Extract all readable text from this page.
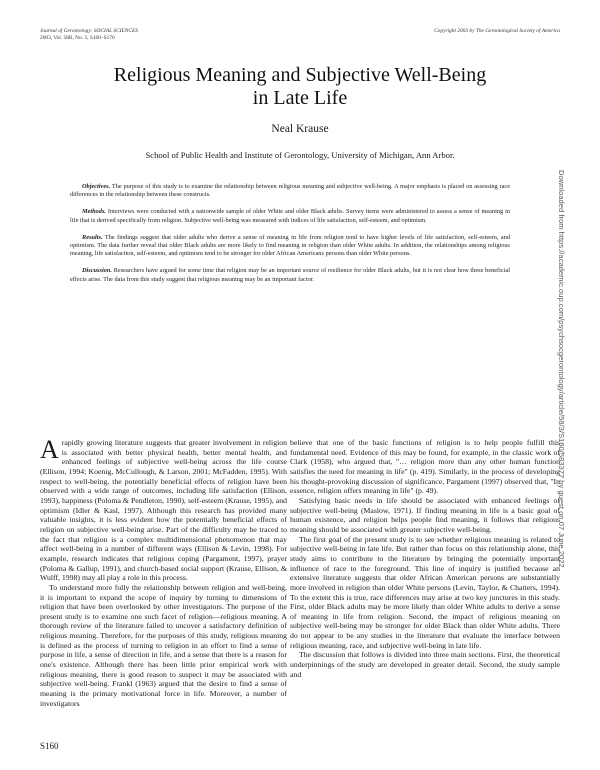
Journal of Gerontology: SOCIAL SCIENCES
2003, Vol. 58B, No. 3, S160–S170
Copyright 2003 by The Gerontological Society of America
Religious Meaning and Subjective Well-Being
in Late Life
Neal Krause
School of Public Health and Institute of Gerontology, University of Michigan, Ann Arbor.

Objectives. The purpose of this study is to examine the relationship between religious meaning and subjective well-being. A major emphasis is placed on assessing race differences in the relationship between these constructs.

Methods. Interviews were conducted with a nationwide sample of older White and older Black adults. Survey items were administered to assess a sense of meaning in life that is derived specifically from religion. Subjective well-being was measured with indices of life satisfaction, self-esteem, and optimism.

Results. The findings suggest that older adults who derive a sense of meaning in life from religion tend to have higher levels of life satisfaction, self-esteem, and optimism. The data further reveal that older Black adults are more likely to find meaning in religion than older White adults. In addition, the relationships among religious meaning, life satisfaction, self-esteem, and optimism tend to be stronger for older African Americans persons than older White persons.

Discussion. Researchers have argued for some time that religion may be an important source of resilience for older Black adults, but it is not clear how these beneficial effects arise. The data from this study suggest that religious meaning may be an important factor.

Arapidly growing literature suggests that greater involvement in religion is associated with better physical health, better mental health, and enhanced feelings of subjective well-being across the life course (Ellison, 1994; Koenig, McCullough, & Larson, 2001; McFadden, 1995). With respect to well-being, the potentially beneficial effects of religion have been observed with a wide range of outcomes, including life satisfaction (Ellison, 1993), happiness (Poloma & Pendleton, 1990), self-esteem (Krause, 1995), and optimism (Idler & Kasl, 1997). Although this research has provided many valuable insights, it is less evident how the potentially beneficial effects of religion on subjective well-being arise. Part of the difficulty may be traced to the fact that religion is a complex multidimensional phenomenon that may affect well-being in a number of different ways (Ellison & Levin, 1998). For example, research indicates that religious coping (Pargament, 1997), prayer (Poloma & Gallup, 1991), and church-based social support (Krause, Ellison, & Wulff, 1998) may all play a role in this process.

To understand more fully the relationship between religion and well-being, it is important to expand the scope of inquiry by turning to dimensions of religion that have been overlooked by other investigators. The purpose of the present study is to examine one such facet of religion—religious meaning. A thorough review of the literature failed to uncover a satisfactory definition of religious meaning. Therefore, for the purposes of this study, religious meaning is defined as the process of turning to religion in an effort to find a sense of purpose in life, a sense of direction in life, and a sense that there is a reason for one's existence. Although there has been little prior empirical work with religious meaning, there is good reason to suspect it may be associated with subjective well-being. Frankl (1963) argued that the desire to find a sense of meaning is the primary motivational force in life. Moreover, a number of investigators

believe that one of the basic functions of religion is to help people fulfill this fundamental need. Evidence of this may be found, for example, in the classic work of Clark (1958), who argued that, "… religion more than any other human function satisfies the need for meaning in life" (p. 419). Similarly, in the process of developing his thought-provoking discussion of significance, Pargament (1997) observed that, "In essence, religion offers meaning in life" (p. 49).

Satisfying basic needs in life should be associated with enhanced feelings of subjective well-being (Maslow, 1971). If finding meaning in life is a basic goal of human existence, and religion helps people find meaning, it follows that religious meaning should be associated with greater subjective well-being.

The first goal of the present study is to see whether religious meaning is related to subjective well-being in late life. But rather than focus on this relationship alone, this study aims to contribute to the literature by bringing the potentially important influence of race to the foreground. This line of inquiry is justified because an extensive literature suggests that older African American persons are substantially more involved in religion than older White persons (Levin, Taylor, & Chatters, 1994). To the extent this is true, race differences may arise at two key junctures in this study. First, older Black adults may be more likely than older White adults to derive a sense of meaning in life from religion. Second, the impact of religious meaning on subjective well-being may be stronger for older Black than older White adults. There do not appear to be any studies in the literature that evaluate the interface between religious meaning, race, and subjective well-being in late life.

The discussion that follows is divided into three main sections. First, the theoretical underpinnings of the study are developed in greater detail. Second, the study sample and

Downloaded from https://academic.oup.com/psychsocgerontology/article/58/3/S160/583377 by guest on 07 June 2022
S160
